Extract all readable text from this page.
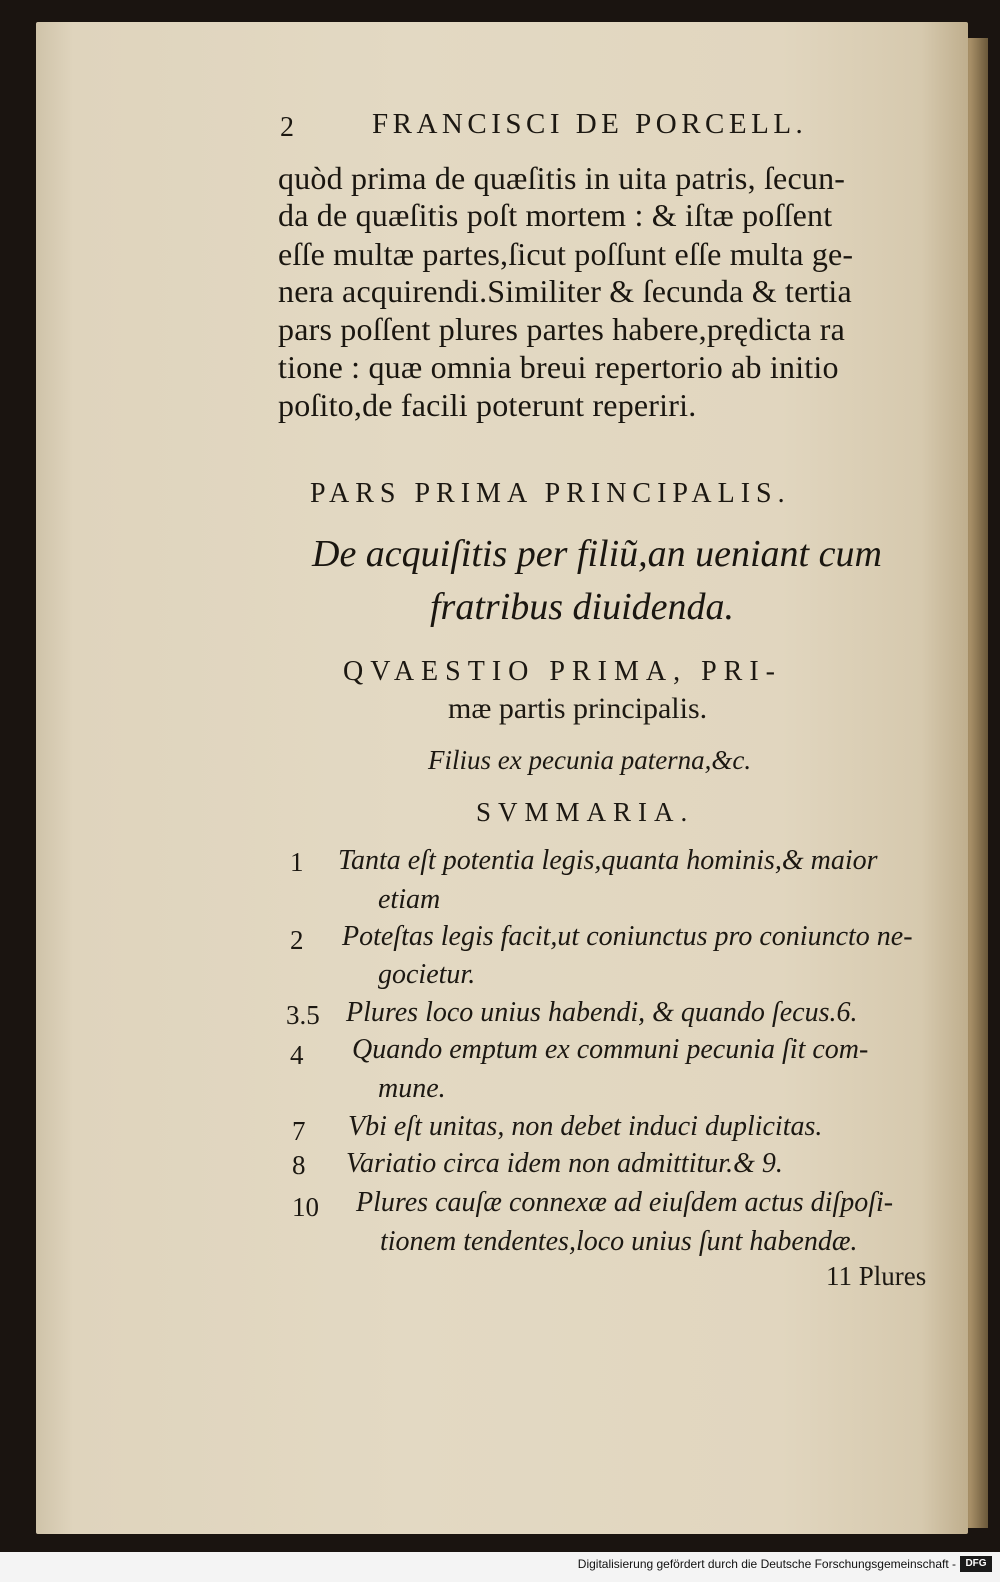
2	FRANCISCI DE PORCELL.
quòd prima de quæſitis in uita patris, ſecun-
da de quæſitis poſt mortem : & iſtæ poſſent
eſſe multæ partes,ſicut poſſunt eſſe multa ge-
nera acquirendi.Similiter & ſecunda & tertia
pars poſſent plures partes habere,prędicta ra
tione : quæ omnia breui repertorio ab initio
poſito,de facili poterunt reperiri.
PARS PRIMA PRINCIPALIS.
De acquiſitis per filiũ,an ueniant cum
fratribus diuidenda.
QVAESTIO PRIMA, PRI-
mæ partis principalis.
Filius ex pecunia paterna,&c.
SVMMARIA.
1 Tanta eſt potentia legis,quanta hominis,& maior
etiam
2 Poteſtas legis facit,ut coniunctus pro coniuncto ne-
gocietur.
3.5 Plures loco unius habendi, & quando ſecus.6.
4 Quando emptum ex communi pecunia ſit com-
mune.
7 Vbi eſt unitas, non debet induci duplicitas.
8 Variatio circa idem non admittitur.& 9.
10 Plures cauſæ connexæ ad eiuſdem actus diſpoſi-
tionem tendentes,loco unius ſunt habendæ.
11 Plures
Digitalisierung gefördert durch die Deutsche Forschungsgemeinschaft - DFG
